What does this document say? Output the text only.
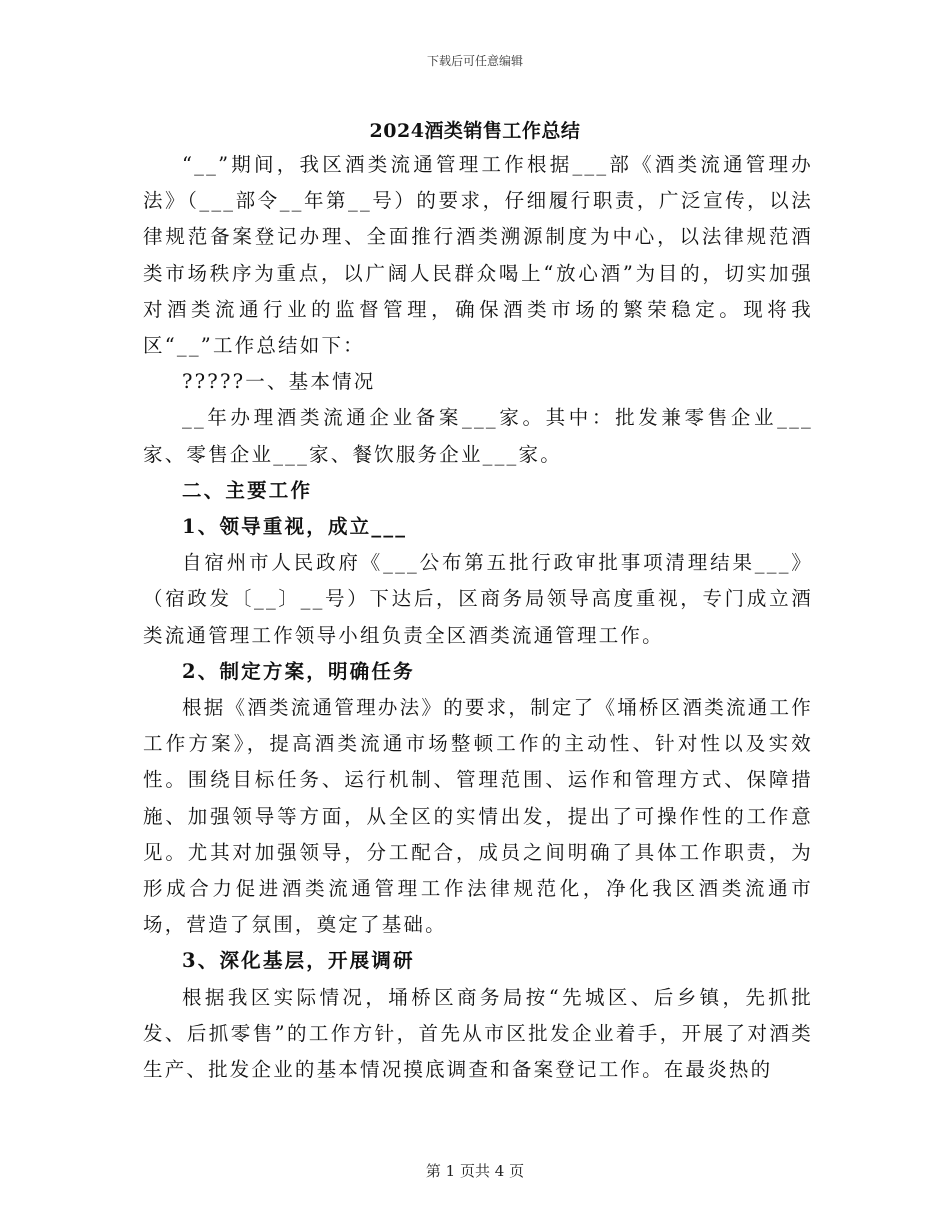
下载后可任意编辑
2024酒类销售工作总结

“__”期间，我区酒类流通管理工作根据___部《酒类流通管理办法》（___部令__年第__号）的要求，仔细履行职责，广泛宣传，以法律规范备案登记办理、全面推行酒类溯源制度为中心，以法律规范酒类市场秩序为重点，以广阔人民群众喝上“放心酒”为目的，切实加强对酒类流通行业的监督管理，确保酒类市场的繁荣稳定。现将我区“__”工作总结如下：

?????一、基本情况

__年办理酒类流通企业备案___家。其中：批发兼零售企业___家、零售企业___家、餐饮服务企业___家。

二、主要工作

1、领导重视，成立___

自宿州市人民政府《___公布第五批行政审批事项清理结果___》（宿政发〔__〕__号）下达后，区商务局领导高度重视，专门成立酒类流通管理工作领导小组负责全区酒类流通管理工作。

2、制定方案，明确任务

根据《酒类流通管理办法》的要求，制定了《埇桥区酒类流通工作工作方案》，提高酒类流通市场整顿工作的主动性、针对性以及实效性。围绕目标任务、运行机制、管理范围、运作和管理方式、保障措施、加强领导等方面，从全区的实情出发，提出了可操作性的工作意见。尤其对加强领导，分工配合，成员之间明确了具体工作职责，为形成合力促进酒类流通管理工作法律规范化，净化我区酒类流通市场，营造了氛围，奠定了基础。

3、深化基层，开展调研

根据我区实际情况，埇桥区商务局按“先城区、后乡镇，先抓批发、后抓零售”的工作方针，首先从市区批发企业着手，开展了对酒类生产、批发企业的基本情况摸底调查和备案登记工作。在最炎热的

第 1 页共 4 页
